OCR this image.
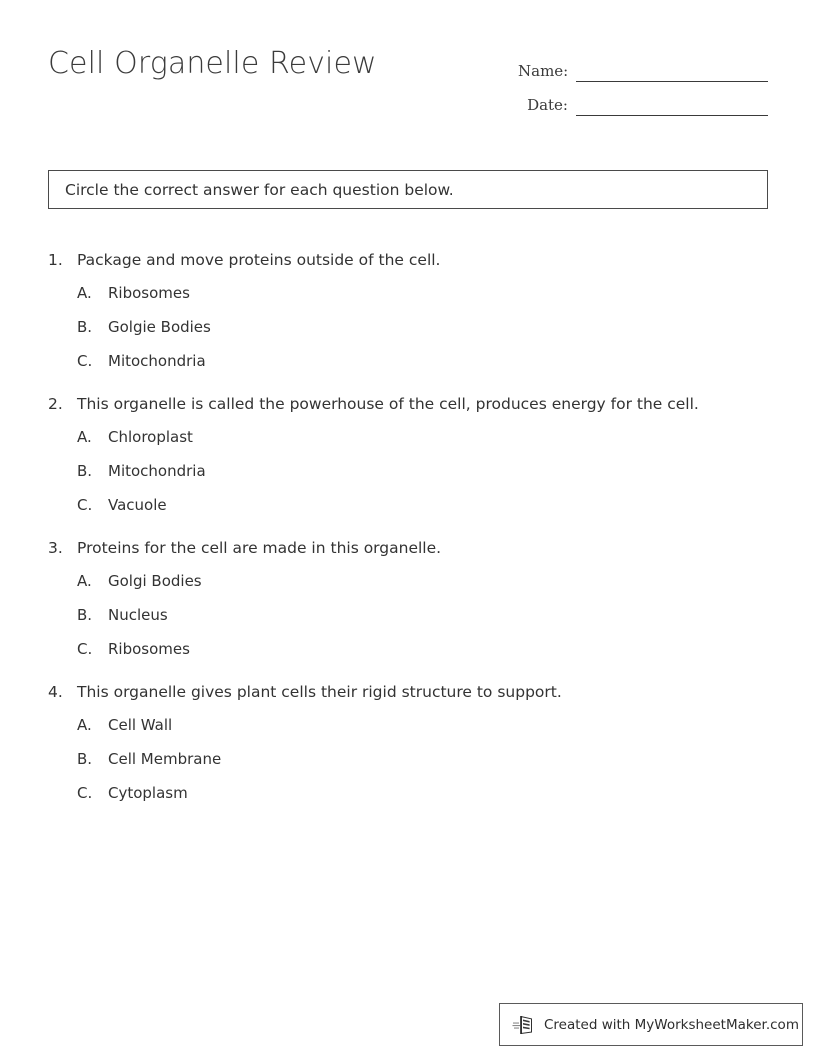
Cell Organelle Review	Name:
Date:
Circle the correct answer for each question below.
1. Package and move proteins outside of the cell.
A.	Ribosomes
B.	Golgie Bodies
C.	Mitochondria
2. This organelle is called the powerhouse of the cell, produces energy for the cell.
A.	Chloroplast
B.	Mitochondria
C.	Vacuole
3. Proteins for the cell are made in this organelle.
A.	Golgi Bodies
B.	Nucleus
C.	Ribosomes
4. This organelle gives plant cells their rigid structure to support.
A.	Cell Wall
B.	Cell Membrane
C.	Cytoplasm
Created with MyWorksheetMaker.com
